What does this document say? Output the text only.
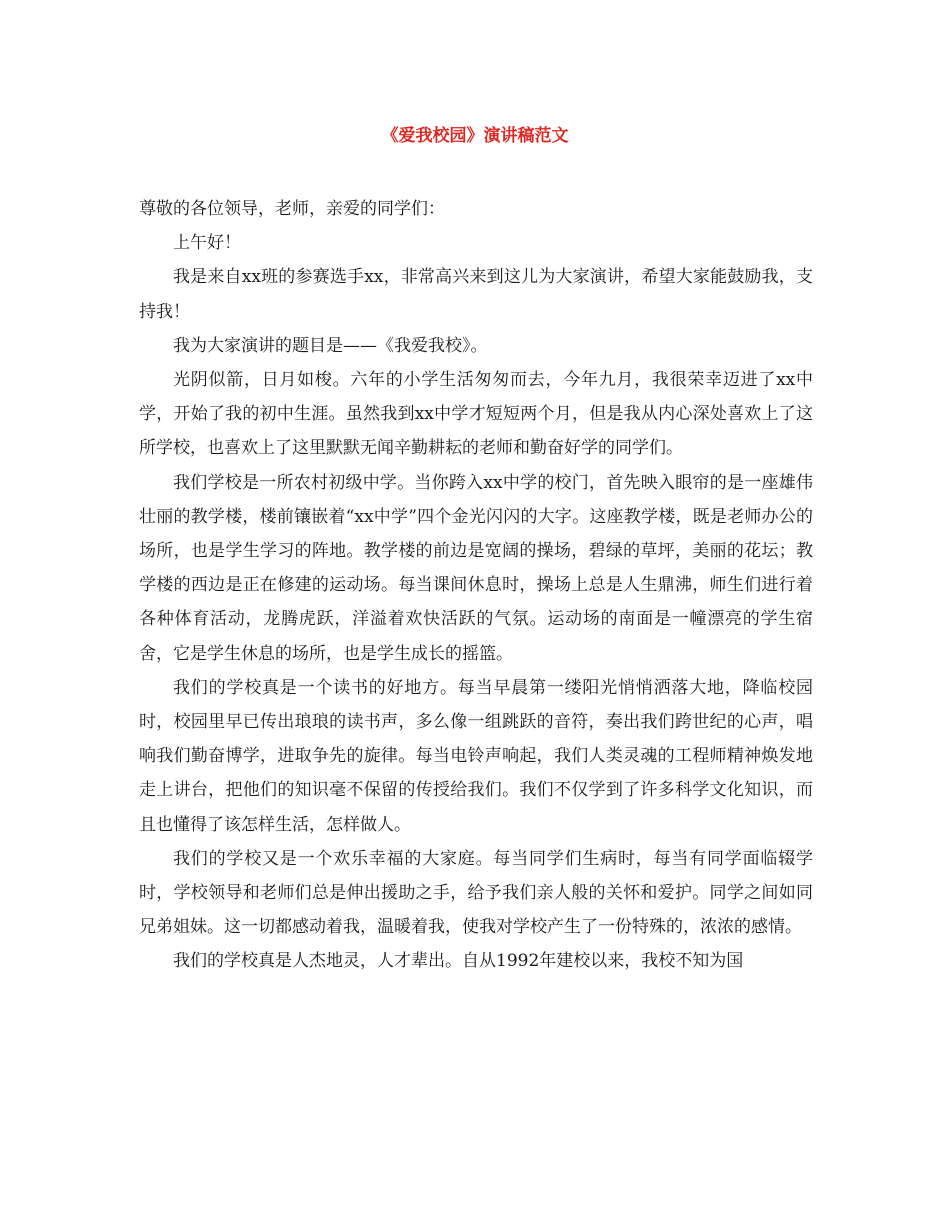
《爱我校园》演讲稿范文

尊敬的各位领导，老师，亲爱的同学们：

上午好！

我是来自xx班的参赛选手xx，非常高兴来到这儿为大家演讲，希望大家能鼓励我，支持我！

我为大家演讲的题目是——《我爱我校》。

光阴似箭，日月如梭。六年的小学生活匆匆而去，今年九月，我很荣幸迈进了xx中学，开始了我的初中生涯。虽然我到xx中学才短短两个月，但是我从内心深处喜欢上了这所学校，也喜欢上了这里默默无闻辛勤耕耘的老师和勤奋好学的同学们。

我们学校是一所农村初级中学。当你跨入xx中学的校门，首先映入眼帘的是一座雄伟壮丽的教学楼，楼前镶嵌着“xx中学”四个金光闪闪的大字。这座教学楼，既是老师办公的场所，也是学生学习的阵地。教学楼的前边是宽阔的操场，碧绿的草坪，美丽的花坛；教学楼的西边是正在修建的运动场。每当课间休息时，操场上总是人生鼎沸，师生们进行着各种体育活动，龙腾虎跃，洋溢着欢快活跃的气氛。运动场的南面是一幢漂亮的学生宿舍，它是学生休息的场所，也是学生成长的摇篮。

我们的学校真是一个读书的好地方。每当早晨第一缕阳光悄悄洒落大地，降临校园时，校园里早已传出琅琅的读书声，多么像一组跳跃的音符，奏出我们跨世纪的心声，唱响我们勤奋博学，进取争先的旋律。每当电铃声响起，我们人类灵魂的工程师精神焕发地走上讲台，把他们的知识毫不保留的传授给我们。我们不仅学到了许多科学文化知识，而且也懂得了该怎样生活，怎样做人。

我们的学校又是一个欢乐幸福的大家庭。每当同学们生病时，每当有同学面临辍学时，学校领导和老师们总是伸出援助之手，给予我们亲人般的关怀和爱护。同学之间如同兄弟姐妹。这一切都感动着我，温暖着我，使我对学校产生了一份特殊的，浓浓的感情。

我们的学校真是人杰地灵，人才辈出。自从1992年建校以来，我校不知为国
